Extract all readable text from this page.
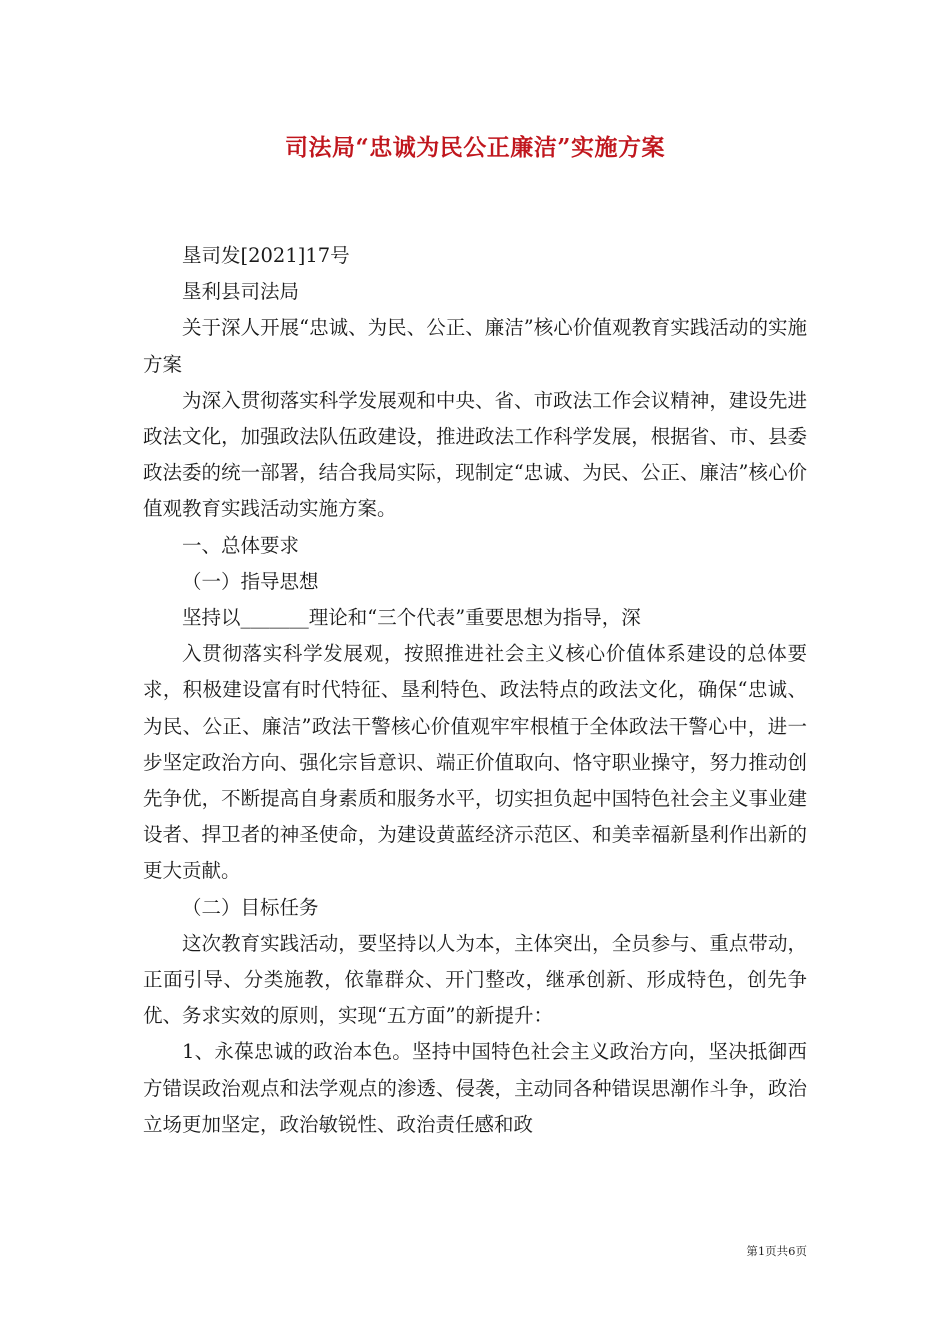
司法局“忠诚为民公正廉洁”实施方案

垦司发[2021]17号

垦利县司法局

关于深人开展“忠诚、为民、公正、廉洁”核心价值观教育实践活动的实施方案

为深入贯彻落实科学发展观和中央、省、市政法工作会议精神，建设先进政法文化，加强政法队伍政建设，推进政法工作科学发展，根据省、市、县委政法委的统一部署，结合我局实际，现制定“忠诚、为民、公正、廉洁”核心价值观教育实践活动实施方案。

一、总体要求

（一）指导思想

坚持以_______理论和“三个代表”重要思想为指导，深

入贯彻落实科学发展观，按照推进社会主义核心价值体系建设的总体要求，积极建设富有时代特征、垦利特色、政法特点的政法文化，确保“忠诚、为民、公正、廉洁”政法干警核心价值观牢牢根植于全体政法干警心中，进一步坚定政治方向、强化宗旨意识、端正价值取向、恪守职业操守，努力推动创先争优，不断提高自身素质和服务水平，切实担负起中国特色社会主义事业建设者、捍卫者的神圣使命，为建设黄蓝经济示范区、和美幸福新垦利作出新的更大贡献。

（二）目标任务

这次教育实践活动，要坚持以人为本，主体突出，全员参与、重点带动，正面引导、分类施教，依靠群众、开门整改，继承创新、形成特色，创先争优、务求实效的原则，实现“五方面”的新提升：

1、永葆忠诚的政治本色。坚持中国特色社会主义政治方向，坚决抵御西方错误政治观点和法学观点的渗透、侵袭，主动同各种错误思潮作斗争，政治立场更加坚定，政治敏锐性、政治责任感和政

第1页共6页
